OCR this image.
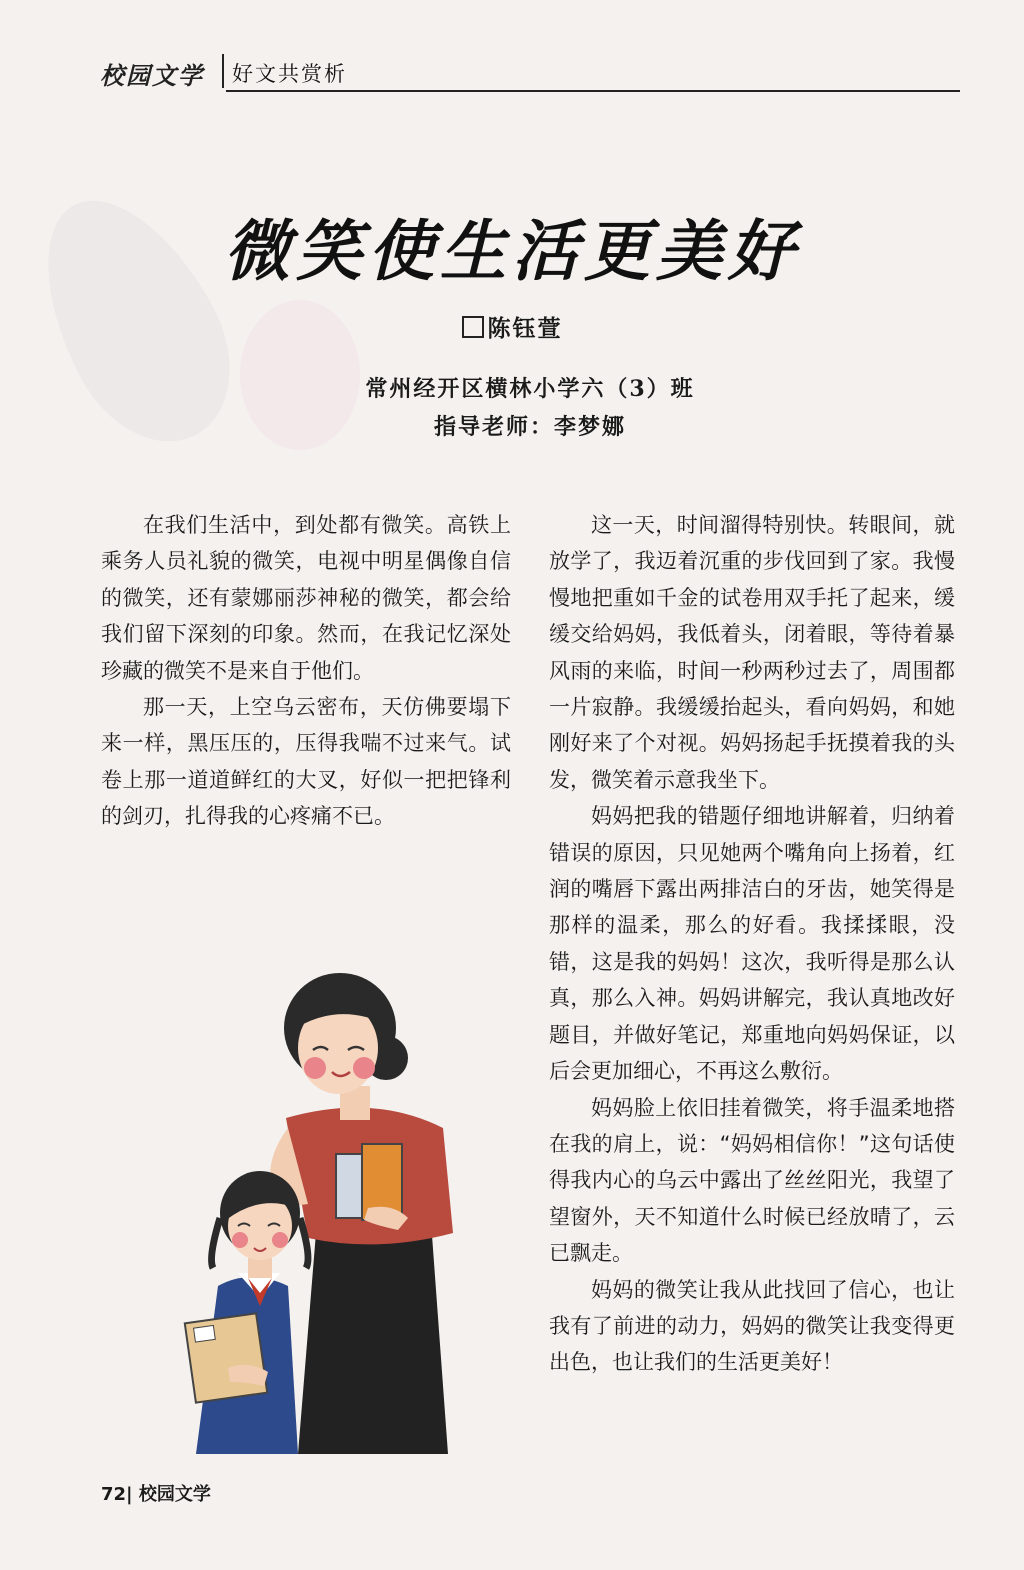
校园文学 好文共赏析
微笑使生活更美好
陈钰萱
常州经开区横林小学六（3）班
指导老师：李梦娜

在我们生活中，到处都有微笑。高铁上乘务人员礼貌的微笑，电视中明星偶像自信的微笑，还有蒙娜丽莎神秘的微笑，都会给我们留下深刻的印象。然而，在我记忆深处珍藏的微笑不是来自于他们。

那一天，上空乌云密布，天仿佛要塌下来一样，黑压压的，压得我喘不过来气。试卷上那一道道鲜红的大叉，好似一把把锋利的剑刃，扎得我的心疼痛不已。

这一天，时间溜得特别快。转眼间，就放学了，我迈着沉重的步伐回到了家。我慢慢地把重如千金的试卷用双手托了起来，缓缓交给妈妈，我低着头，闭着眼，等待着暴风雨的来临，时间一秒两秒过去了，周围都一片寂静。我缓缓抬起头，看向妈妈，和她刚好来了个对视。妈妈扬起手抚摸着我的头发，微笑着示意我坐下。

妈妈把我的错题仔细地讲解着，归纳着错误的原因，只见她两个嘴角向上扬着，红润的嘴唇下露出两排洁白的牙齿，她笑得是那样的温柔，那么的好看。我揉揉眼，没错，这是我的妈妈！这次，我听得是那么认真，那么入神。妈妈讲解完，我认真地改好题目，并做好笔记，郑重地向妈妈保证，以后会更加细心，不再这么敷衍。

妈妈脸上依旧挂着微笑，将手温柔地搭在我的肩上，说：“妈妈相信你！”这句话使得我内心的乌云中露出了丝丝阳光，我望了望窗外，天不知道什么时候已经放晴了，云已飘走。

妈妈的微笑让我从此找回了信心，也让我有了前进的动力，妈妈的微笑让我变得更出色，也让我们的生活更美好！

72| 校园文学
